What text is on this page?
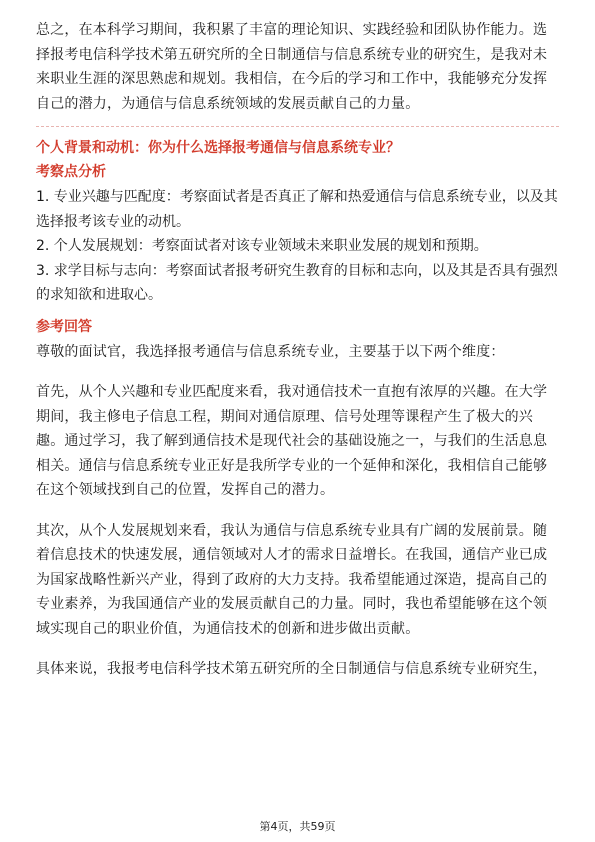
总之，在本科学习期间，我积累了丰富的理论知识、实践经验和团队协作能力。选择报考电信科学技术第五研究所的全日制通信与信息系统专业的研究生，是我对未来职业生涯的深思熟虑和规划。我相信，在今后的学习和工作中，我能够充分发挥自己的潜力，为通信与信息系统领域的发展贡献自己的力量。

个人背景和动机：你为什么选择报考通信与信息系统专业？

考察点分析

1. 专业兴趣与匹配度：考察面试者是否真正了解和热爱通信与信息系统专业，以及其选择报考该专业的动机。

2. 个人发展规划：考察面试者对该专业领域未来职业发展的规划和预期。

3. 求学目标与志向：考察面试者报考研究生教育的目标和志向，以及其是否具有强烈的求知欲和进取心。

参考回答

尊敬的面试官，我选择报考通信与信息系统专业，主要基于以下两个维度：

首先，从个人兴趣和专业匹配度来看，我对通信技术一直抱有浓厚的兴趣。在大学期间，我主修电子信息工程，期间对通信原理、信号处理等课程产生了极大的兴趣。通过学习，我了解到通信技术是现代社会的基础设施之一，与我们的生活息息相关。通信与信息系统专业正好是我所学专业的一个延伸和深化，我相信自己能够在这个领域找到自己的位置，发挥自己的潜力。

其次，从个人发展规划来看，我认为通信与信息系统专业具有广阔的发展前景。随着信息技术的快速发展，通信领域对人才的需求日益增长。在我国，通信产业已成为国家战略性新兴产业，得到了政府的大力支持。我希望能通过深造，提高自己的专业素养，为我国通信产业的发展贡献自己的力量。同时，我也希望能够在这个领域实现自己的职业价值，为通信技术的创新和进步做出贡献。

具体来说，我报考电信科学技术第五研究所的全日制通信与信息系统专业研究生，

第4页，共59页
